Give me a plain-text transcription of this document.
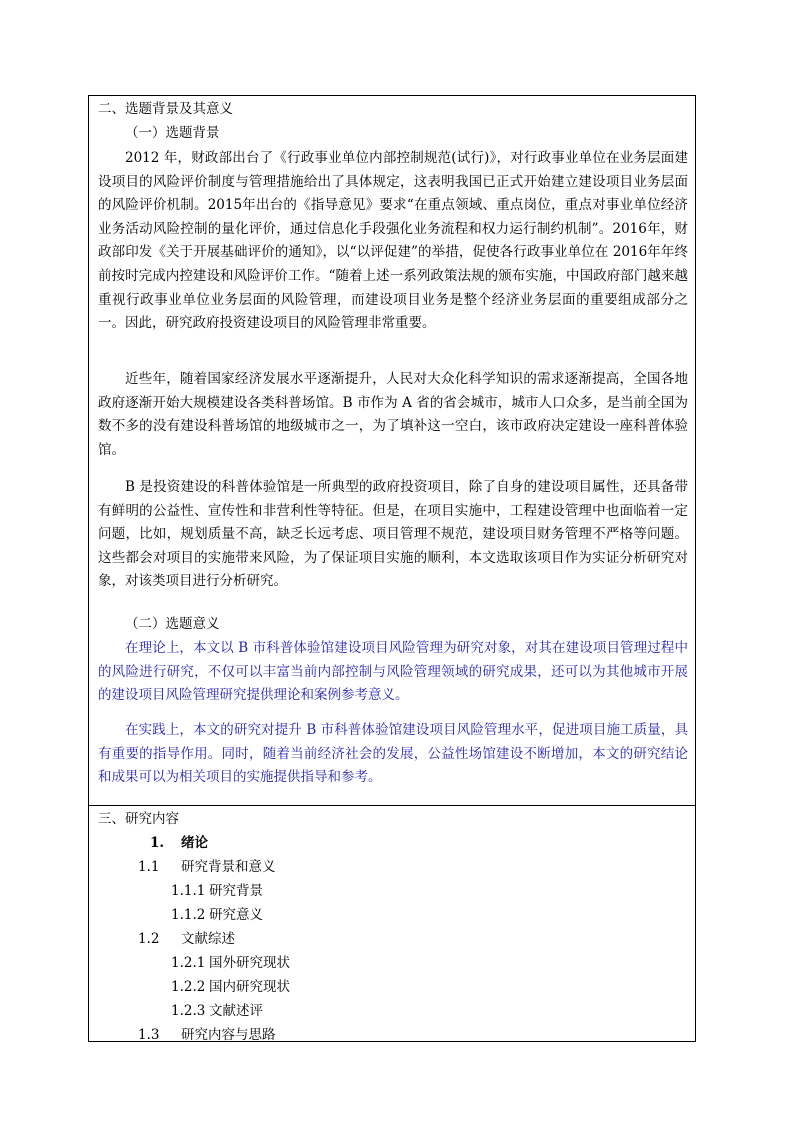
二、选题背景及其意义
（一）选题背景

2012 年，财政部出台了《行政事业单位内部控制规范(试行)》，对行政事业单位在业务层面建设项目的风险评价制度与管理措施给出了具体规定，这表明我国已正式开始建立建设项目业务层面的风险评价机制。2015年出台的《指导意见》要求“在重点领域、重点岗位，重点对事业单位经济业务活动风险控制的量化评价，通过信息化手段强化业务流程和权力运行制约机制”。2016年，财政部印发《关于开展基础评价的通知》，以“以评促建”的举措，促使各行政事业单位在 2016年年终前按时完成内控建设和风险评价工作。“随着上述一系列政策法规的颁布实施，中国政府部门越来越重视行政事业单位业务层面的风险管理，而建设项目业务是整个经济业务层面的重要组成部分之一。因此，研究政府投资建设项目的风险管理非常重要。

近些年，随着国家经济发展水平逐渐提升，人民对大众化科学知识的需求逐渐提高，全国各地政府逐渐开始大规模建设各类科普场馆。B 市作为 A 省的省会城市，城市人口众多，是当前全国为数不多的没有建设科普场馆的地级城市之一，为了填补这一空白，该市政府决定建设一座科普体验馆。

B 是投资建设的科普体验馆是一所典型的政府投资项目，除了自身的建设项目属性，还具备带有鲜明的公益性、宣传性和非营利性等特征。但是，在项目实施中，工程建设管理中也面临着一定问题，比如，规划质量不高，缺乏长远考虑、项目管理不规范，建设项目财务管理不严格等问题。这些都会对项目的实施带来风险，为了保证项目实施的顺利，本文选取该项目作为实证分析研究对象，对该类项目进行分析研究。

（二）选题意义

在理论上，本文以 B 市科普体验馆建设项目风险管理为研究对象，对其在建设项目管理过程中的风险进行研究，不仅可以丰富当前内部控制与风险管理领域的研究成果，还可以为其他城市开展的建设项目风险管理研究提供理论和案例参考意义。

在实践上，本文的研究对提升 B 市科普体验馆建设项目风险管理水平，促进项目施工质量，具有重要的指导作用。同时，随着当前经济社会的发展，公益性场馆建设不断增加，本文的研究结论和成果可以为相关项目的实施提供指导和参考。

三、研究内容
1. 绪论
1.1 研究背景和意义
1.1.1 研究背景
1.1.2 研究意义
1.2 文献综述
1.2.1 国外研究现状
1.2.2 国内研究现状
1.2.3 文献述评
1.3 研究内容与思路
